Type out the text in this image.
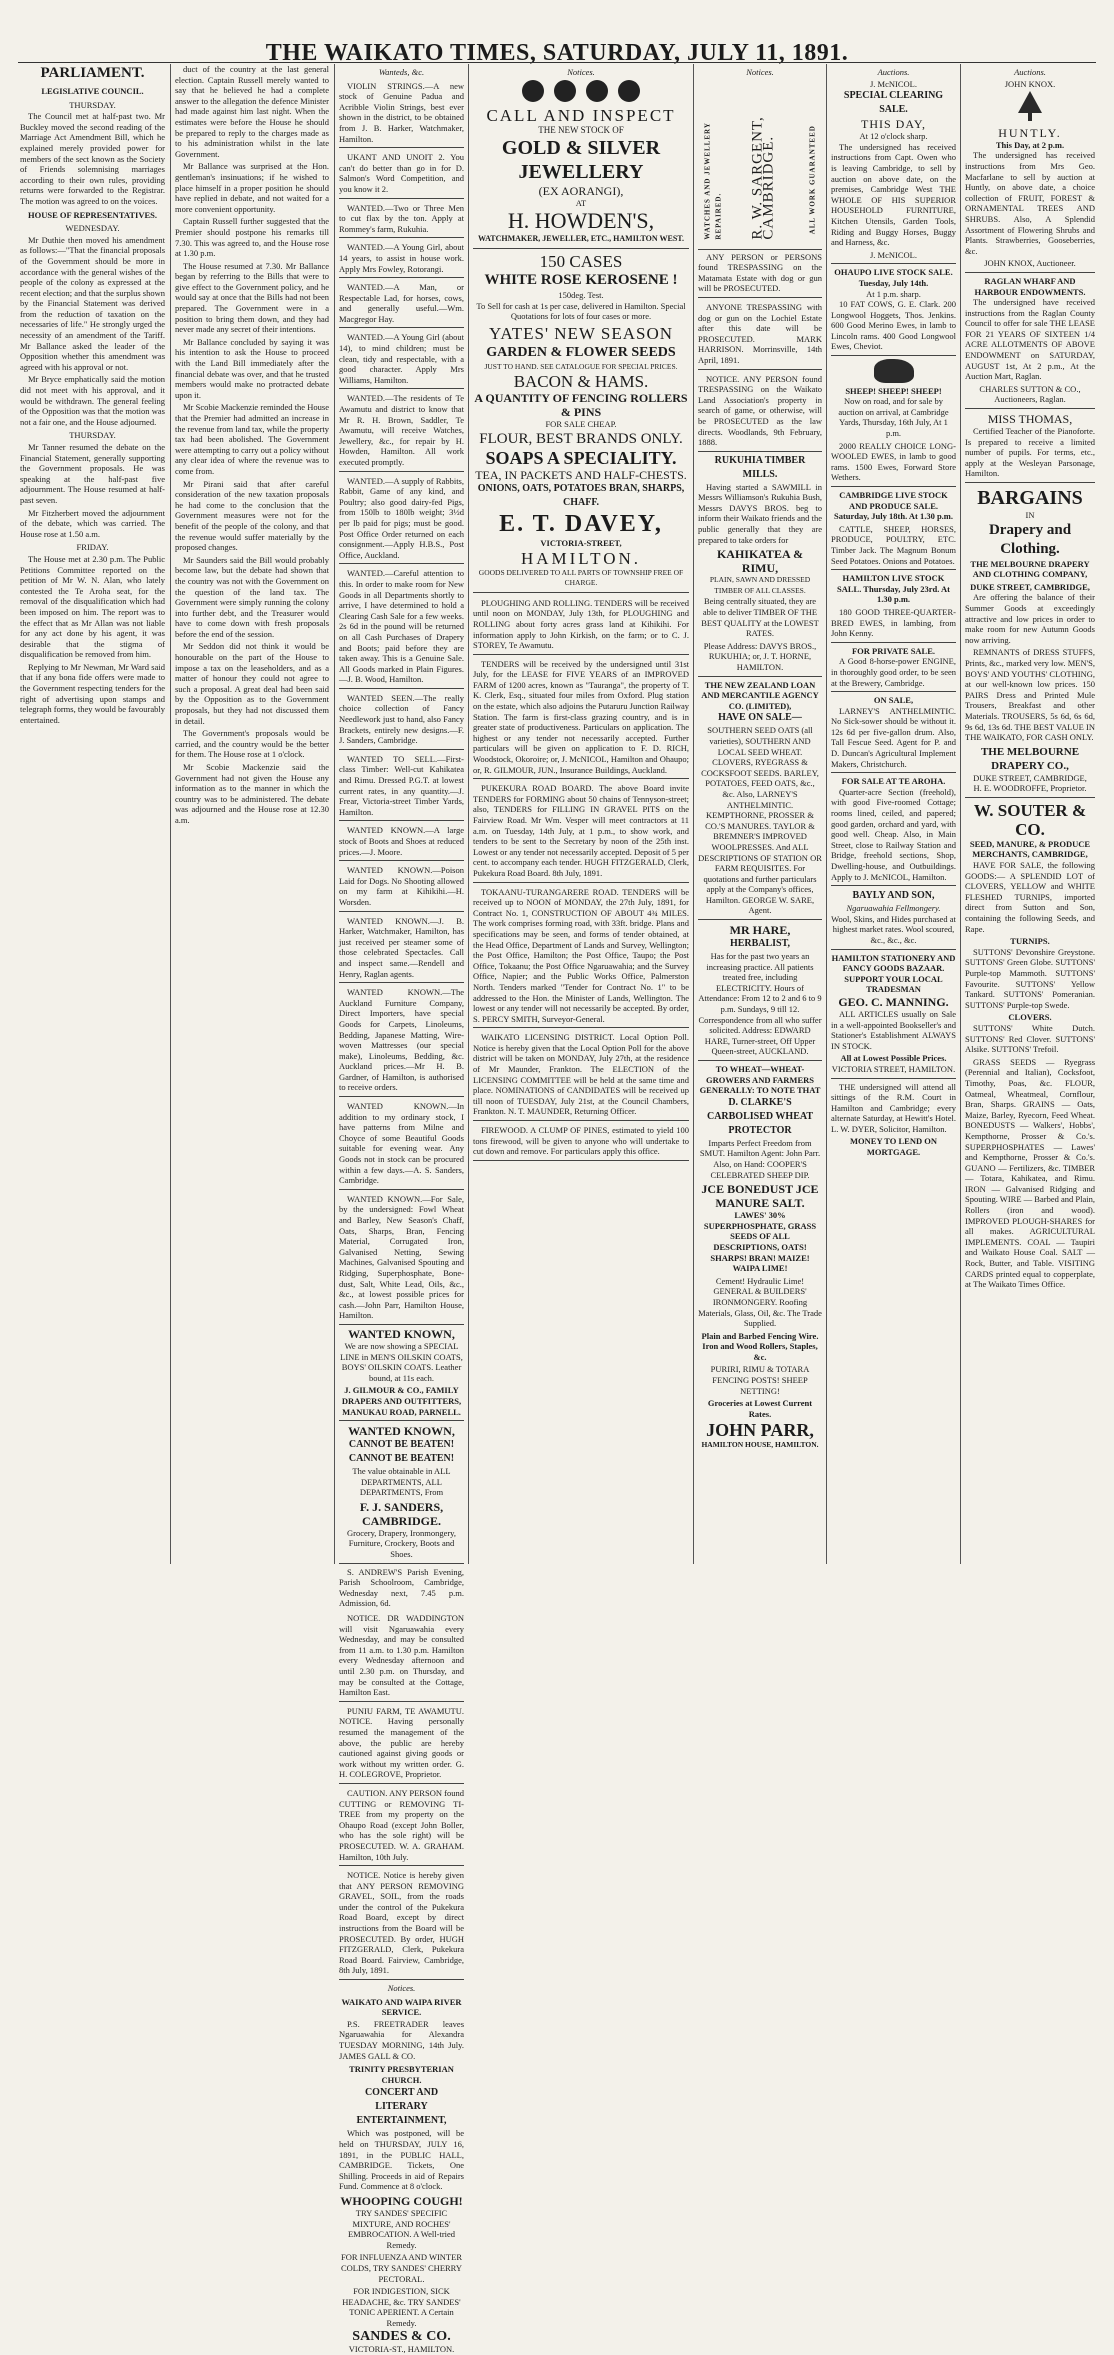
THE WAIKATO TIMES, SATURDAY, JULY 11, 1891.
PARLIAMENT.
LEGISLATIVE COUNCIL.
THURSDAY.

The Council met at half-past two. Mr Buckley moved the second reading of the Marriage Act Amendment Bill, which he explained merely provided power for members of the sect known as the Society of Friends solemnising marriages according to their own rules, providing returns were forwarded to the Registrar. The motion was agreed to on the voices.

HOUSE OF REPRESENTATIVES.
WEDNESDAY.

Mr Duthie then moved his amendment as follows:—"That the financial proposals of the Government should be more in accordance with the general wishes of the people of the colony as expressed at the recent election; and that the surplus shown by the Financial Statement was derived from the reduction of taxation on the necessaries of life." He strongly urged the necessity of an amendment of the Tariff. Mr Ballance asked the leader of the Opposition whether this amendment was agreed with his approval or not.

Mr Bryce emphatically said the motion did not meet with his approval, and it would be withdrawn. The general feeling of the Opposition was that the motion was not a fair one, and the House adjourned.

THURSDAY.

Mr Tanner resumed the debate on the Financial Statement, generally supporting the Government proposals. He was speaking at the half-past five adjournment. The House resumed at half-past seven.

Mr Fitzherbert moved the adjournment of the debate, which was carried. The House rose at 1.50 a.m.

FRIDAY.

The House met at 2.30 p.m. The Public Petitions Committee reported on the petition of Mr W. N. Alan, who lately contested the Te Aroha seat, for the removal of the disqualification which had been imposed on him. The report was to the effect that as Mr Allan was not liable for any act done by his agent, it was desirable that the stigma of disqualification be removed from him.

Replying to Mr Newman, Mr Ward said that if any bona fide offers were made to the Government respecting tenders for the right of advertising upon stamps and telegraph forms, they would be favourably entertained.

duct of the country at the last general election. Captain Russell merely wanted to say that he believed he had a complete answer to the allegation the defence Minister had made against him last night. When the estimates were before the House he should be prepared to reply to the charges made as to his administration whilst in the late Government.

Mr Ballance was surprised at the Hon. gentleman's insinuations; if he wished to place himself in a proper position he should have replied in debate, and not waited for a more convenient opportunity.

Captain Russell further suggested that the Premier should postpone his remarks till 7.30. This was agreed to, and the House rose at 1.30 p.m.

The House resumed at 7.30. Mr Ballance began by referring to the Bills that were to give effect to the Government policy, and he would say at once that the Bills had not been prepared. The Government were in a position to bring them down, and they had never made any secret of their intentions.

Mr Ballance concluded by saying it was his intention to ask the House to proceed with the Land Bill immediately after the financial debate was over, and that he trusted members would make no protracted debate upon it.

Mr Scobie Mackenzie reminded the House that the Premier had admitted an increase in the revenue from land tax, while the property tax had been abolished. The Government were attempting to carry out a policy without any clear idea of where the revenue was to come from.

Mr Pirani said that after careful consideration of the new taxation proposals he had come to the conclusion that the Government measures were not for the benefit of the people of the colony, and that the revenue would suffer materially by the proposed changes.

Mr Saunders said the Bill would probably become law, but the debate had shown that the country was not with the Government on the question of the land tax. The Government were simply running the colony into further debt, and the Treasurer would have to come down with fresh proposals before the end of the session.

Mr Seddon did not think it would be honourable on the part of the House to impose a tax on the leaseholders, and as a matter of honour they could not agree to such a proposal. A great deal had been said by the Opposition as to the Government proposals, but they had not discussed them in detail.

The Government's proposals would be carried, and the country would be the better for them. The House rose at 1 o'clock.

Mr Scobie Mackenzie said the Government had not given the House any information as to the manner in which the country was to be administered. The debate was adjourned and the House rose at 12.30 a.m.

Wanteds, &c.

VIOLIN STRINGS.—A new stock of Genuine Padua and Acribble Violin Strings, best ever shown in the district, to be obtained from J. B. Harker, Watchmaker, Hamilton.

UKANT AND UNOIT 2. You can't do better than go in for D. Salmon's Word Competition, and you know it 2.

WANTED.—Two or Three Men to cut flax by the ton. Apply at Rommey's farm, Rukuhia.

WANTED.—A Young Girl, about 14 years, to assist in house work. Apply Mrs Fowley, Rotorangi.

WANTED.—A Man, or Respectable Lad, for horses, cows, and generally useful.—Wm. Macgregor Hay.

WANTED.—A Young Girl (about 14), to mind children; must be clean, tidy and respectable, with a good character. Apply Mrs Williams, Hamilton.

WANTED.—The residents of Te Awamutu and district to know that Mr R. H. Brown, Saddler, Te Awamutu, will receive Watches, Jewellery, &c., for repair by H. Howden, Hamilton. All work executed promptly.

WANTED.—A supply of Rabbits, Rabbit, Game of any kind, and Poultry; also good dairy-fed Pigs, from 150lb to 180lb weight; 3½d per lb paid for pigs; must be good. Post Office Order returned on each consignment.—Apply H.B.S., Post Office, Auckland.

WANTED.—Careful attention to this. In order to make room for New Goods in all Departments shortly to arrive, I have determined to hold a Clearing Cash Sale for a few weeks. 2s 6d in the pound will be returned on all Cash Purchases of Drapery and Boots; paid before they are taken away. This is a Genuine Sale. All Goods marked in Plain Figures.—J. B. Wood, Hamilton.

WANTED SEEN.—The really choice collection of Fancy Needlework just to hand, also Fancy Brackets, entirely new designs.—F. J. Sanders, Cambridge.

WANTED TO SELL.—First-class Timber: Well-cut Kahikatea and Rimu. Dressed P.G.T. at lowest current rates, in any quantity.—J. Frear, Victoria-street Timber Yards, Hamilton.

WANTED KNOWN.—A large stock of Boots and Shoes at reduced prices.—J. Moore.

WANTED KNOWN.—Poison Laid for Dogs. No Shooting allowed on my farm at Kihikihi.—H. Worsden.

WANTED KNOWN.—J. B. Harker, Watchmaker, Hamilton, has just received per steamer some of those celebrated Spectacles. Call and inspect same.—Rendell and Henry, Raglan agents.

WANTED KNOWN.—The Auckland Furniture Company, Direct Importers, have special Goods for Carpets, Linoleums, Bedding, Japanese Matting, Wire-woven Mattresses (our special make), Linoleums, Bedding, &c. Auckland prices.—Mr H. B. Gardner, of Hamilton, is authorised to receive orders.

WANTED KNOWN.—In addition to my ordinary stock, I have patterns from Milne and Choyce of some Beautiful Goods suitable for evening wear. Any Goods not in stock can be procured within a few days.—A. S. Sanders, Cambridge.

WANTED KNOWN.—For Sale, by the undersigned: Fowl Wheat and Barley, New Season's Chaff, Oats, Sharps, Bran, Fencing Material, Corrugated Iron, Galvanised Netting, Sewing Machines, Galvanised Spouting and Ridging, Superphosphate, Bone-dust, Salt, White Lead, Oils, &c., &c., at lowest possible prices for cash.—John Parr, Hamilton House, Hamilton.

WANTED KNOWN,

We are now showing a SPECIAL LINE in MEN'S OILSKIN COATS, BOYS' OILSKIN COATS. Leather bound, at 11s each.

J. GILMOUR & CO., FAMILY DRAPERS AND OUTFITTERS, MANUKAU ROAD, PARNELL.

WANTED KNOWN,
CANNOT BE BEATEN! CANNOT BE BEATEN!

The value obtainable in ALL DEPARTMENTS, ALL DEPARTMENTS, From

F. J. SANDERS, CAMBRIDGE.

Grocery, Drapery, Ironmongery, Furniture, Crockery, Boots and Shoes.

S. ANDREW'S Parish Evening, Parish Schoolroom, Cambridge, Wednesday next, 7.45 p.m. Admission, 6d.

NOTICE. DR WADDINGTON will visit Ngaruawahia every Wednesday, and may be consulted from 11 a.m. to 1.30 p.m. Hamilton every Wednesday afternoon and until 2.30 p.m. on Thursday, and may be consulted at the Cottage, Hamilton East.

PUNIU FARM, TE AWAMUTU. NOTICE. Having personally resumed the management of the above, the public are hereby cautioned against giving goods or work without my written order. G. H. COLEGROVE, Proprietor.

CAUTION. ANY PERSON found CUTTING or REMOVING TI-TREE from my property on the Ohaupo Road (except John Boller, who has the sole right) will be PROSECUTED. W. A. GRAHAM. Hamilton, 10th July.

NOTICE. Notice is hereby given that ANY PERSON REMOVING GRAVEL, SOIL, from the roads under the control of the Pukekura Road Board, except by direct instructions from the Board will be PROSECUTED. By order, HUGH FITZGERALD, Clerk, Pukekura Road Board. Fairview, Cambridge, 8th July, 1891.

Notices.
WAIKATO AND WAIPA RIVER SERVICE.

P.S. FREETRADER leaves Ngaruawahia for Alexandra TUESDAY MORNING, 14th July. JAMES GALL & CO.

TRINITY PRESBYTERIAN CHURCH.
CONCERT AND LITERARY ENTERTAINMENT,

Which was postponed, will be held on THURSDAY, JULY 16, 1891, in the PUBLIC HALL, CAMBRIDGE. Tickets, One Shilling. Proceeds in aid of Repairs Fund. Commence at 8 o'clock.

WHOOPING COUGH!

TRY SANDES' SPECIFIC MIXTURE, AND ROCHES' EMBROCATION. A Well-tried Remedy.

FOR INFLUENZA AND WINTER COLDS, TRY SANDES' CHERRY PECTORAL.

FOR INDIGESTION, SICK HEADACHE, &c. TRY SANDES' TONIC APERIENT. A Certain Remedy.

SANDES & CO.

VICTORIA-ST., HAMILTON.

Notices.

CALL AND INSPECT
THE NEW STOCK OF
GOLD & SILVER JEWELLERY
(EX AORANGI),
AT
H. HOWDEN'S,
WATCHMAKER, JEWELLER, ETC., HAMILTON WEST.
150 CASES
WHITE ROSE KEROSENE !
150deg. Test.

To Sell for cash at 1s per case, delivered in Hamilton. Special Quotations for lots of four cases or more.

YATES' NEW SEASON
GARDEN & FLOWER SEEDS
JUST TO HAND. SEE CATALOGUE FOR SPECIAL PRICES.
BACON & HAMS.
A QUANTITY OF FENCING ROLLERS & PINS
FOR SALE CHEAP.
FLOUR, BEST BRANDS ONLY.
SOAPS A SPECIALITY.
TEA, IN PACKETS AND HALF-CHESTS.
ONIONS, OATS, POTATOES BRAN, SHARPS, CHAFF.
E. T. DAVEY,
VICTORIA-STREET,
HAMILTON.
GOODS DELIVERED TO ALL PARTS OF TOWNSHIP FREE OF CHARGE.

PLOUGHING AND ROLLING. TENDERS will be received until noon on MONDAY, July 13th, for PLOUGHING and ROLLING about forty acres grass land at Kihikihi. For information apply to John Kirkish, on the farm; or to C. J. STOREY, Te Awamutu.

TENDERS will be received by the undersigned until 31st July, for the LEASE for FIVE YEARS of an IMPROVED FARM of 1200 acres, known as "Tauranga", the property of T. K. Clerk, Esq., situated four miles from Oxford. Plug station on the estate, which also adjoins the Putaruru Junction Railway Station. The farm is first-class grazing country, and is in greater state of productiveness. Particulars on application. The highest or any tender not necessarily accepted. Further particulars will be given on application to F. D. RICH, Woodstock, Okoroire; or, J. McNICOL, Hamilton and Ohaupo; or, R. GILMOUR, JUN., Insurance Buildings, Auckland.

PUKEKURA ROAD BOARD. The above Board invite TENDERS for FORMING about 50 chains of Tennyson-street; also, TENDERS for FILLING IN GRAVEL PITS on the Fairview Road. Mr Wm. Vesper will meet contractors at 11 a.m. on Tuesday, 14th July, at 1 p.m., to show work, and tenders to be sent to the Secretary by noon of the 25th inst. Lowest or any tender not necessarily accepted. Deposit of 5 per cent. to accompany each tender. HUGH FITZGERALD, Clerk, Pukekura Road Board. 8th July, 1891.

TOKAANU-TURANGARERE ROAD. TENDERS will be received up to NOON of MONDAY, the 27th July, 1891, for Contract No. 1, CONSTRUCTION OF ABOUT 4¾ MILES. The work comprises forming road, with 33ft. bridge. Plans and specifications may be seen, and forms of tender obtained, at the Head Office, Department of Lands and Survey, Wellington; the Post Office, Hamilton; the Post Office, Taupo; the Post Office, Tokaanu; the Post Office Ngaruawahia; and the Survey Office, Napier; and the Public Works Office, Palmerston North. Tenders marked "Tender for Contract No. 1" to be addressed to the Hon. the Minister of Lands, Wellington. The lowest or any tender will not necessarily be accepted. By order, S. PERCY SMITH, Surveyor-General.

WAIKATO LICENSING DISTRICT. Local Option Poll. Notice is hereby given that the Local Option Poll for the above district will be taken on MONDAY, July 27th, at the residence of Mr Maunder, Frankton. The ELECTION of the LICENSING COMMITTEE will be held at the same time and place. NOMINATIONS of CANDIDATES will be received up till noon of TUESDAY, July 21st, at the Council Chambers, Frankton. N. T. MAUNDER, Returning Officer.

FIREWOOD. A CLUMP OF PINES, estimated to yield 100 tons firewood, will be given to anyone who will undertake to cut down and remove. For particulars apply this office.

Notices.
WATCHES AND JEWELLERY REPAIRED. R. W. SARGENT, CAMBRIDGE.	ALL WORK GUARANTEED

ANY PERSON or PERSONS found TRESPASSING on the Matamata Estate with dog or gun will be PROSECUTED.

ANYONE TRESPASSING with dog or gun on the Lochiel Estate after this date will be PROSECUTED. MARK HARRISON. Morrinsville, 14th April, 1891.

NOTICE. ANY PERSON found TRESPASSING on the Waikato Land Association's property in search of game, or otherwise, will be PROSECUTED as the law directs. Woodlands, 9th February, 1888.

RUKUHIA TIMBER MILLS.

Having started a SAWMILL in Messrs Williamson's Rukuhia Bush, Messrs DAVYS BROS. beg to inform their Waikato friends and the public generally that they are prepared to take orders for

KAHIKATEA & RIMU,
PLAIN, SAWN AND DRESSED TIMBER OF ALL CLASSES.

Being centrally situated, they are able to deliver TIMBER OF THE BEST QUALITY at the LOWEST RATES.

Please Address: DAVYS BROS., RUKUHIA; or, J. T. HORNE, HAMILTON.

THE NEW ZEALAND LOAN AND MERCANTILE AGENCY CO. (LIMITED),
HAVE ON SALE—

SOUTHERN SEED OATS (all varieties), SOUTHERN AND LOCAL SEED WHEAT. CLOVERS, RYEGRASS & COCKSFOOT SEEDS. BARLEY, POTATOES, FEED OATS, &c., &c. Also, LARNEY'S ANTHELMINTIC. KEMPTHORNE, PROSSER & CO.'S MANURES. TAYLOR & BREMNER'S IMPROVED WOOLPRESSES. And ALL DESCRIPTIONS OF STATION OR FARM REQUISITES. For quotations and further particulars apply at the Company's offices, Hamilton. GEORGE W. SARE, Agent.

MR HARE,
HERBALIST,

Has for the past two years an increasing practice. All patients treated free, including ELECTRICITY. Hours of Attendance: From 12 to 2 and 6 to 9 p.m. Sundays, 9 till 12. Correspondence from all who suffer solicited. Address: EDWARD HARE, Turner-street, Off Upper Queen-street, AUCKLAND.

TO WHEAT—WHEAT-GROWERS AND FARMERS GENERALLY: TO NOTE THAT
D. CLARKE'S CARBOLISED WHEAT PROTECTOR

Imparts Perfect Freedom from SMUT. Hamilton Agent: John Parr. Also, on Hand: COOPER'S CELEBRATED SHEEP DIP.

JCE BONEDUST JCE MANURE SALT.

LAWES' 30% SUPERPHOSPHATE, GRASS SEEDS OF ALL DESCRIPTIONS, OATS! SHARPS! BRAN! MAIZE! WAIPA LIME!

Cement! Hydraulic Lime! GENERAL & BUILDERS' IRONMONGERY. Roofing Materials, Glass, Oil, &c. The Trade Supplied.

Plain and Barbed Fencing Wire. Iron and Wood Rollers, Staples, &c.

PURIRI, RIMU & TOTARA FENCING POSTS! SHEEP NETTING!

Groceries at Lowest Current Rates.

JOHN PARR,
HAMILTON HOUSE, HAMILTON.
Auctions.
J. McNICOL.
SPECIAL CLEARING SALE.
THIS DAY,
At 12 o'clock sharp.

The undersigned has received instructions from Capt. Owen who is leaving Cambridge, to sell by auction on above date, on the premises, Cambridge West THE WHOLE OF HIS SUPERIOR HOUSEHOLD FURNITURE, Kitchen Utensils, Garden Tools, Riding and Buggy Horses, Buggy and Harness, &c.

J. McNICOL.
OHAUPO LIVE STOCK SALE.
Tuesday, July 14th.
At 1 p.m. sharp.

10 FAT COWS, G. E. Clark. 200 Longwool Hoggets, Thos. Jenkins. 600 Good Merino Ewes, in lamb to Lincoln rams. 400 Good Longwool Ewes, Cheviot.

SHEEP! SHEEP! SHEEP!

Now on road, and for sale by auction on arrival, at Cambridge Yards, Thursday, 16th July, At 1 p.m.

2000 REALLY CHOICE LONG-WOOLED EWES, in lamb to good rams. 1500 Ewes, Forward Store Wethers.

CAMBRIDGE LIVE STOCK AND PRODUCE SALE. Saturday, July 18th. At 1.30 p.m.

CATTLE, SHEEP, HORSES, PRODUCE, POULTRY, ETC. Timber Jack. The Magnum Bonum Seed Potatoes. Onions and Potatoes.

HAMILTON LIVE STOCK SALL. Thursday, July 23rd. At 1.30 p.m.

180 GOOD THREE-QUARTER-BRED EWES, in lambing, from John Kenny.

FOR PRIVATE SALE.

A Good 8-horse-power ENGINE, in thoroughly good order, to be seen at the Brewery, Cambridge.

ON SALE,

LARNEY'S ANTHELMINTIC. No Sick-sower should be without it. 12s 6d per five-gallon drum. Also, Tall Fescue Seed. Agent for P. and D. Duncan's Agricultural Implement Makers, Christchurch.

FOR SALE AT TE AROHA.

Quarter-acre Section (freehold), with good Five-roomed Cottage; rooms lined, ceiled, and papered; good garden, orchard and yard, with good well. Cheap. Also, in Main Street, close to Railway Station and Bridge, freehold sections, Shop, Dwelling-house, and Outbuildings. Apply to J. McNICOL, Hamilton.

BAYLY AND SON,
Ngaruawahia Fellmongery.

Wool, Skins, and Hides purchased at highest market rates. Wool scoured, &c., &c., &c.

HAMILTON STATIONERY AND FANCY GOODS BAZAAR.
SUPPORT YOUR LOCAL TRADESMAN
GEO. C. MANNING.

ALL ARTICLES usually on Sale in a well-appointed Bookseller's and Stationer's Establishment ALWAYS IN STOCK.

All at Lowest Possible Prices.
VICTORIA STREET, HAMILTON.

THE undersigned will attend all sittings of the R.M. Court in Hamilton and Cambridge; every alternate Saturday, at Hewitt's Hotel. L. W. DYER, Solicitor, Hamilton.

MONEY TO LEND ON MORTGAGE.
Auctions.
JOHN KNOX.
HUNTLY.
This Day, at 2 p.m.

The undersigned has received instructions from Mrs Geo. Macfarlane to sell by auction at Huntly, on above date, a choice collection of FRUIT, FOREST & ORNAMENTAL TREES AND SHRUBS. Also, A Splendid Assortment of Flowering Shrubs and Plants. Strawberries, Gooseberries, &c.

JOHN KNOX, Auctioneer.
RAGLAN WHARF AND HARBOUR ENDOWMENTS.

The undersigned have received instructions from the Raglan County Council to offer for sale THE LEASE FOR 21 YEARS OF SIXTEEN 1/4 ACRE ALLOTMENTS OF ABOVE ENDOWMENT on SATURDAY, AUGUST 1st, At 2 p.m., At the Auction Mart, Raglan.

CHARLES SUTTON & CO., Auctioneers, Raglan.
MISS THOMAS,

Certified Teacher of the Pianoforte. Is prepared to receive a limited number of pupils. For terms, etc., apply at the Wesleyan Parsonage, Hamilton.

BARGAINS
IN
Drapery and Clothing.

THE MELBOURNE DRAPERY AND CLOTHING COMPANY,

DUKE STREET, CAMBRIDGE,

Are offering the balance of their Summer Goods at exceedingly attractive and low prices in order to make room for new Autumn Goods now arriving.

REMNANTS of DRESS STUFFS, Prints, &c., marked very low. MEN'S, BOYS' AND YOUTHS' CLOTHING, at our well-known low prices. 150 PAIRS Dress and Printed Mule Trousers, Breakfast and other Materials. TROUSERS, 5s 6d, 6s 6d, 9s 6d, 13s 6d. THE BEST VALUE IN THE WAIKATO, FOR CASH ONLY.

THE MELBOURNE DRAPERY CO.,
DUKE STREET, CAMBRIDGE,
H. E. WOODROFFE, Proprietor.
W. SOUTER & CO.
SEED, MANURE, & PRODUCE MERCHANTS, CAMBRIDGE,

HAVE FOR SALE, the following GOODS:— A SPLENDID LOT of CLOVERS, YELLOW and WHITE FLESHED TURNIPS, imported direct from Sutton and Son, containing the following Seeds, and Rape.

TURNIPS.

SUTTONS' Devonshire Greystone. SUTTONS' Green Globe. SUTTONS' Purple-top Mammoth. SUTTONS' Favourite. SUTTONS' Yellow Tankard. SUTTONS' Pomeranian. SUTTONS' Purple-top Swede.

CLOVERS.

SUTTONS' White Dutch. SUTTONS' Red Clover. SUTTONS' Alsike. SUTTONS' Trefoil.

GRASS SEEDS — Ryegrass (Perennial and Italian), Cocksfoot, Timothy, Poas, &c. FLOUR, Oatmeal, Wheatmeal, Cornflour, Bran, Sharps. GRAINS — Oats, Maize, Barley, Ryecorn, Feed Wheat. BONEDUSTS — Walkers', Hobbs', Kempthorne, Prosser & Co.'s. SUPERPHOSPHATES — Lawes' and Kempthorne, Prosser & Co.'s. GUANO — Fertilizers, &c. TIMBER — Totara, Kahikatea, and Rimu. IRON — Galvanised Ridging and Spouting. WIRE — Barbed and Plain, Rollers (iron and wood). IMPROVED PLOUGH-SHARES for all makes. AGRICULTURAL IMPLEMENTS. COAL — Taupiri and Waikato House Coal. SALT — Rock, Butter, and Table. VISITING CARDS printed equal to copperplate, at The Waikato Times Office.
